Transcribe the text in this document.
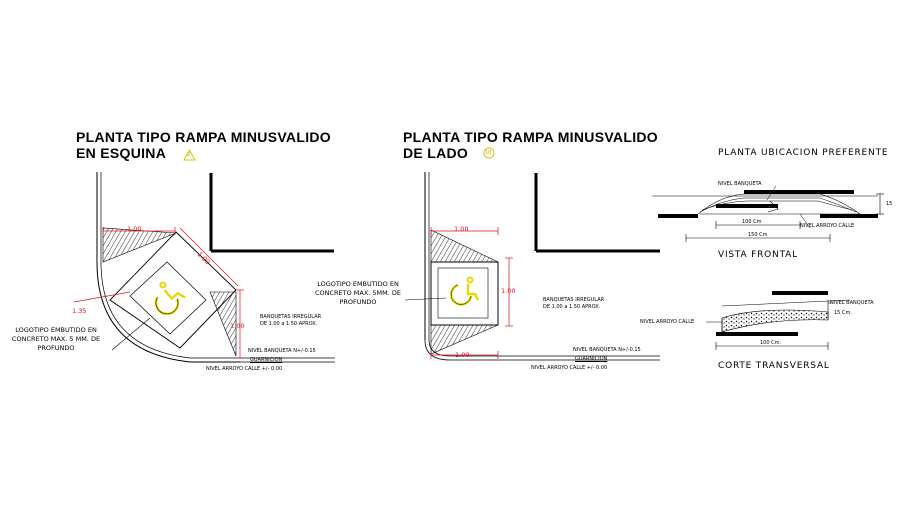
PLANTA TIPO RAMPA MINUSVALIDO
EN ESQUINA	2
1.00
1.00
1.35
1.00
LOGOTIPO EMBUTIDO EN
CONCRETO MAX. 5 MM. DE
PROFUNDO
BANQUETAS IRREGULAR
DE 1.00 a 1.50 APROX.
NIVEL BANQUETA N+/-0.15
GUARNICION
NIVEL ARROYO CALLE +/- 0.00
PLANTA TIPO RAMPA MINUSVALIDO
DE LADO	10
1.00
1.00
1.00
LOGOTIPO EMBUTIDO EN
CONCRETO MAX. 5MM. DE
PROFUNDO	BANQUETAS IRREGULAR
DE 1.00 a 1.50 APROX.
NIVEL BANQUETA N+/-0.15
GUARNICION
NIVEL ARROYO CALLE +/- 0.00
PLANTA UBICACION PREFERENTE
NIVEL BANQUETA
100 Cm
15
NIVEL ARROYO CALLE
150 Cm
VISTA FRONTAL
NIVEL BANQUETA
NIVEL ARROYO CALLE
15 Cm.
100 Cm.
CORTE TRANSVERSAL
